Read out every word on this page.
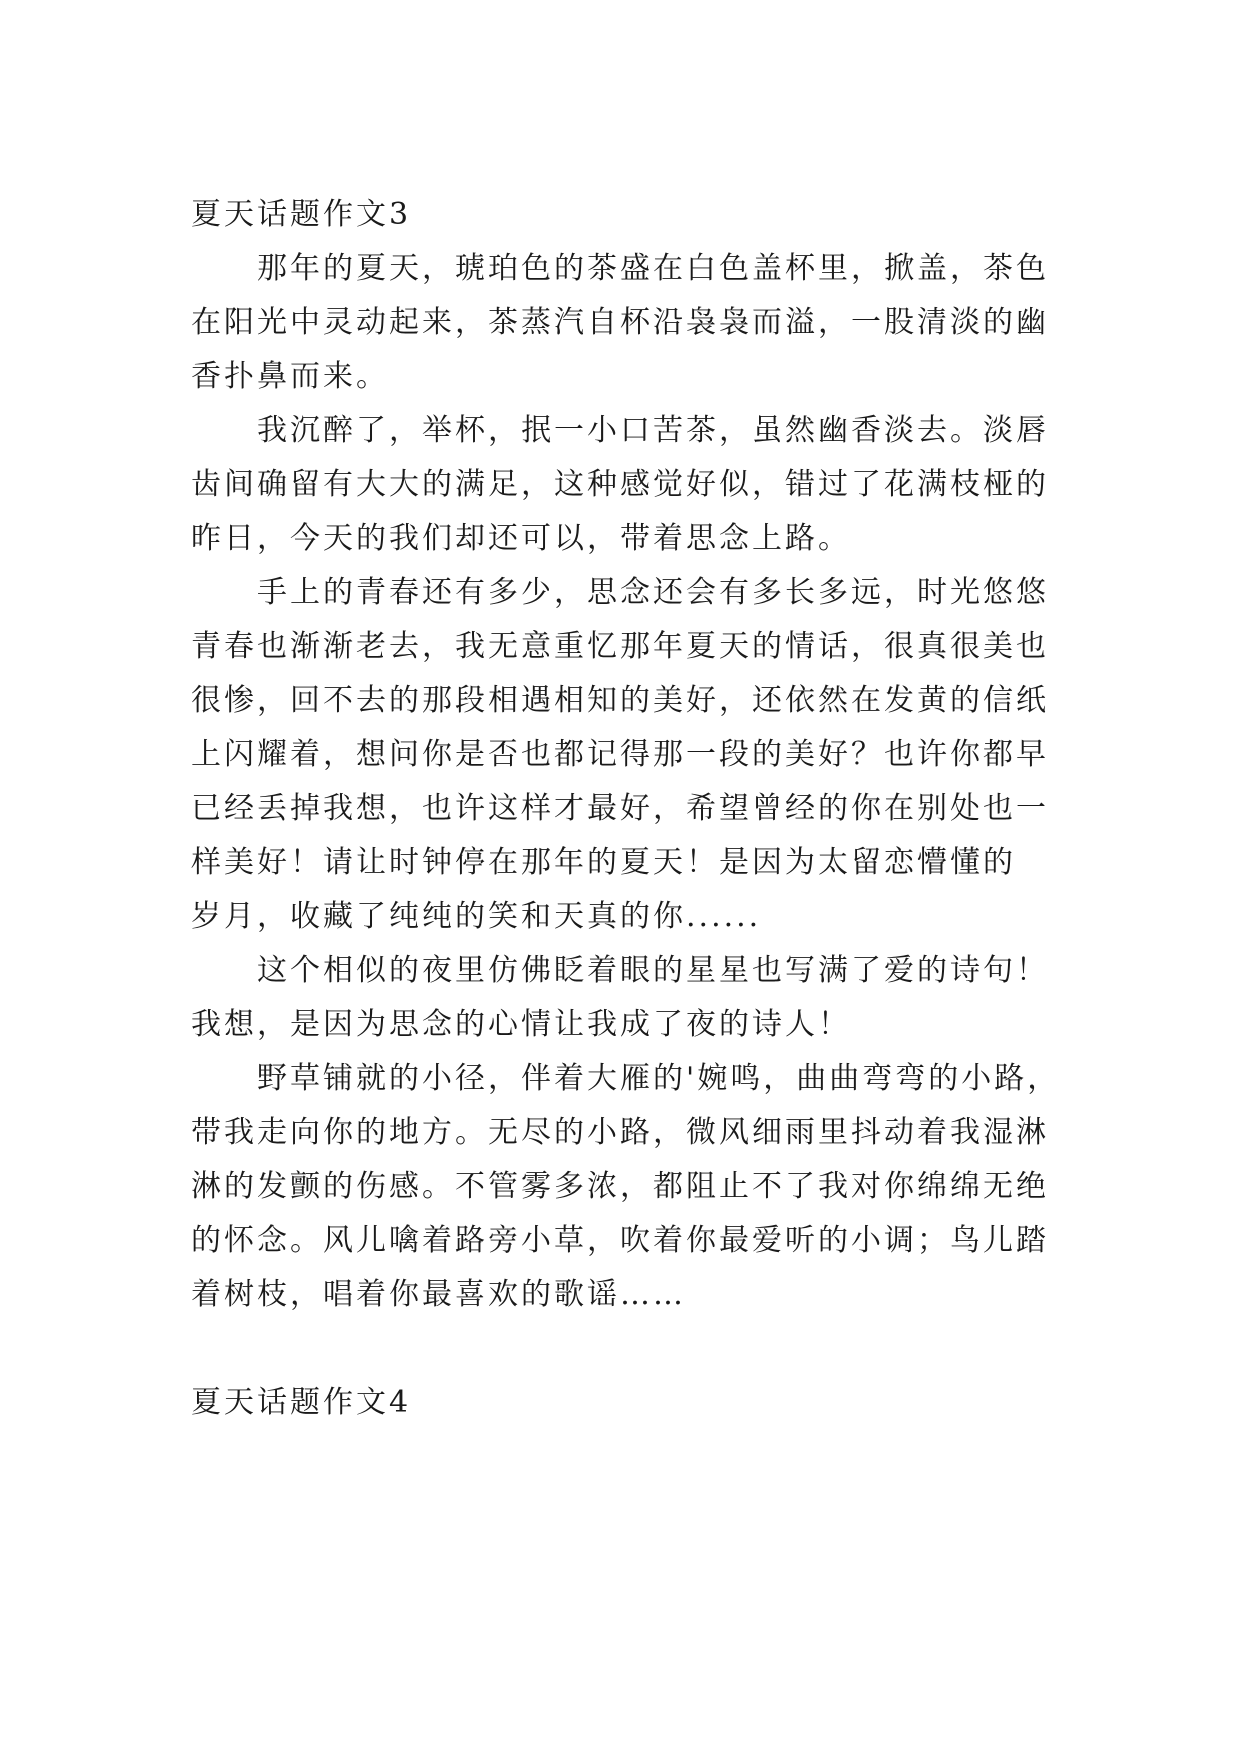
夏天话题作文3

那年的夏天，琥珀色的茶盛在白色盖杯里，掀盖，茶色

在阳光中灵动起来，茶蒸汽自杯沿袅袅而溢，一股清淡的幽

香扑鼻而来。

我沉醉了，举杯，抿一小口苦茶，虽然幽香淡去。淡唇

齿间确留有大大的满足，这种感觉好似，错过了花满枝桠的

昨日，今天的我们却还可以，带着思念上路。

手上的青春还有多少，思念还会有多长多远，时光悠悠

青春也渐渐老去，我无意重忆那年夏天的情话，很真很美也

很惨，回不去的那段相遇相知的美好，还依然在发黄的信纸

上闪耀着，想问你是否也都记得那一段的美好？也许你都早

已经丢掉我想，也许这样才最好，希望曾经的你在别处也一

样美好！请让时钟停在那年的夏天！是因为太留恋懵懂的

岁月，收藏了纯纯的笑和天真的你......

这个相似的夜里仿佛眨着眼的星星也写满了爱的诗句！

我想，是因为思念的心情让我成了夜的诗人！

野草铺就的小径，伴着大雁的'婉鸣，曲曲弯弯的小路，

带我走向你的地方。无尽的小路，微风细雨里抖动着我湿淋

淋的发颤的伤感。不管雾多浓，都阻止不了我对你绵绵无绝

的怀念。风儿噙着路旁小草，吹着你最爱听的小调；鸟儿踏

着树枝，唱着你最喜欢的歌谣……

夏天话题作文4
